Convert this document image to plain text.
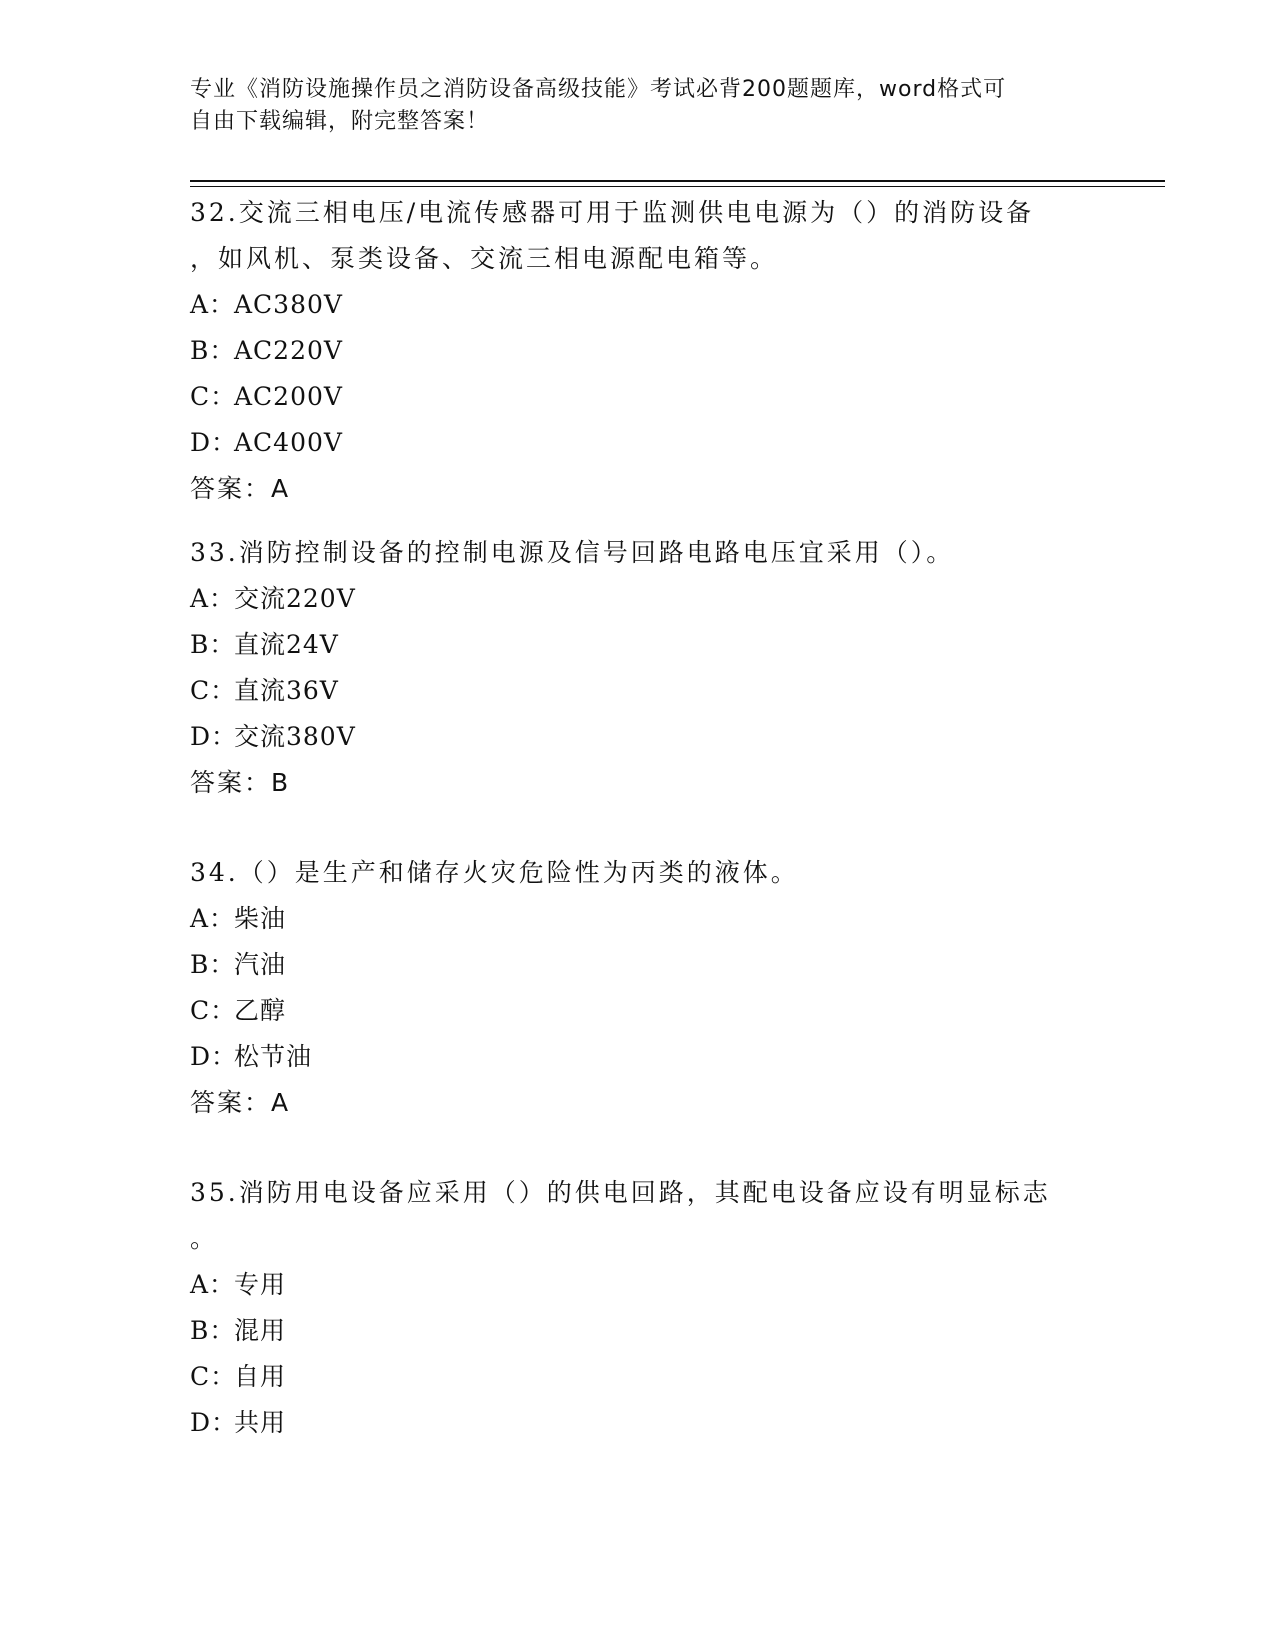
专业《消防设施操作员之消防设备高级技能》考试必背200题题库，word格式可
自由下载编辑，附完整答案！
32.交流三相电压/电流传感器可用于监测供电电源为（）的消防设备
，如风机、泵类设备、交流三相电源配电箱等。
A：AC380V
B：AC220V
C：AC200V
D：AC400V
答案：A
33.消防控制设备的控制电源及信号回路电路电压宜采用（）。
A：交流220V
B：直流24V
C：直流36V
D：交流380V
答案：B
34.（）是生产和储存火灾危险性为丙类的液体。
A：柴油
B：汽油
C：乙醇
D：松节油
答案：A
35.消防用电设备应采用（）的供电回路，其配电设备应设有明显标志
。
A：专用
B：混用
C：自用
D：共用
